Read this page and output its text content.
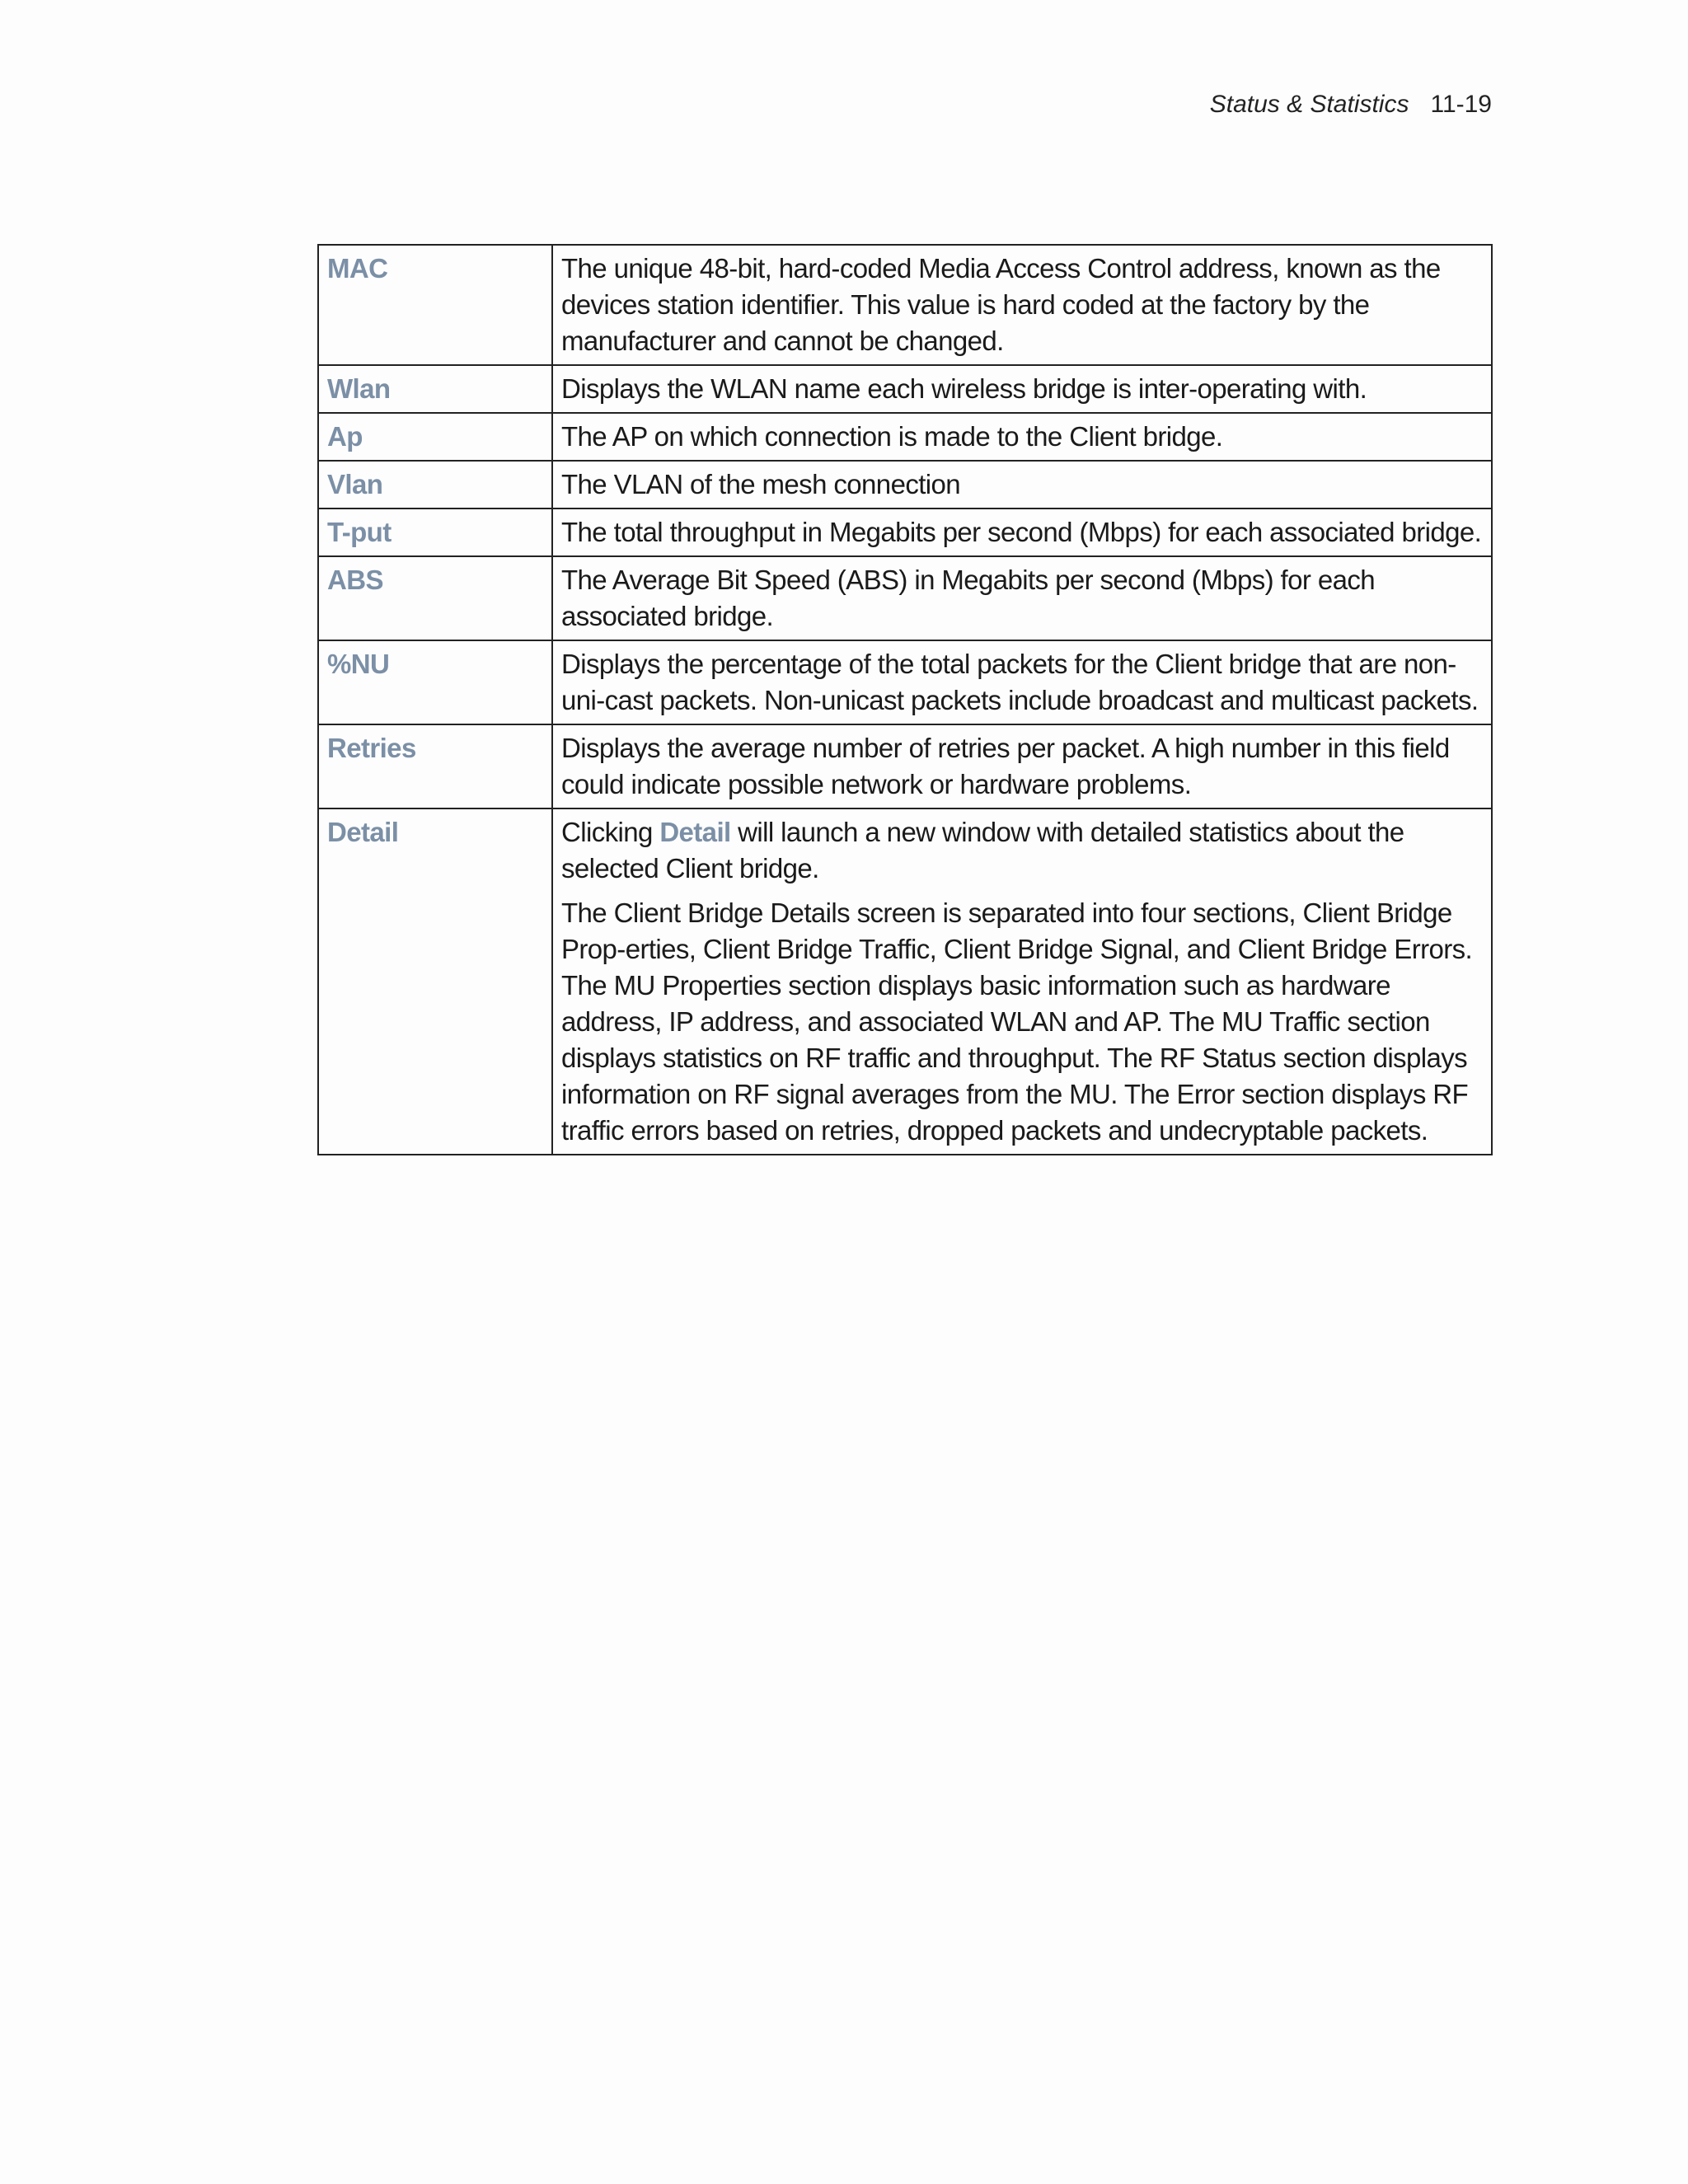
Status & Statistics 11-19
MAC	The unique 48-bit, hard-coded Media Access Control address, known as the devices station identifier. This value is hard coded at the factory by the manufacturer and cannot be changed.
Wlan	Displays the WLAN name each wireless bridge is inter-operating with.
Ap	The AP on which connection is made to the Client bridge.
Vlan	The VLAN of the mesh connection
T-put	The total throughput in Megabits per second (Mbps) for each associated bridge.
ABS	The Average Bit Speed (ABS) in Megabits per second (Mbps) for each associated bridge.
%NU	Displays the percentage of the total packets for the Client bridge that are non-uni-cast packets. Non-unicast packets include broadcast and multicast packets.
Retries	Displays the average number of retries per packet. A high number in this field could indicate possible network or hardware problems.
Detail	Clicking Detail will launch a new window with detailed statistics about the selected Client bridge.

The Client Bridge Details screen is separated into four sections, Client Bridge Prop-erties, Client Bridge Traffic, Client Bridge Signal, and Client Bridge Errors. The MU Properties section displays basic information such as hardware address, IP address, and associated WLAN and AP. The MU Traffic section displays statistics on RF traffic and throughput. The RF Status section displays information on RF signal averages from the MU. The Error section displays RF traffic errors based on retries, dropped packets and undecryptable packets.
